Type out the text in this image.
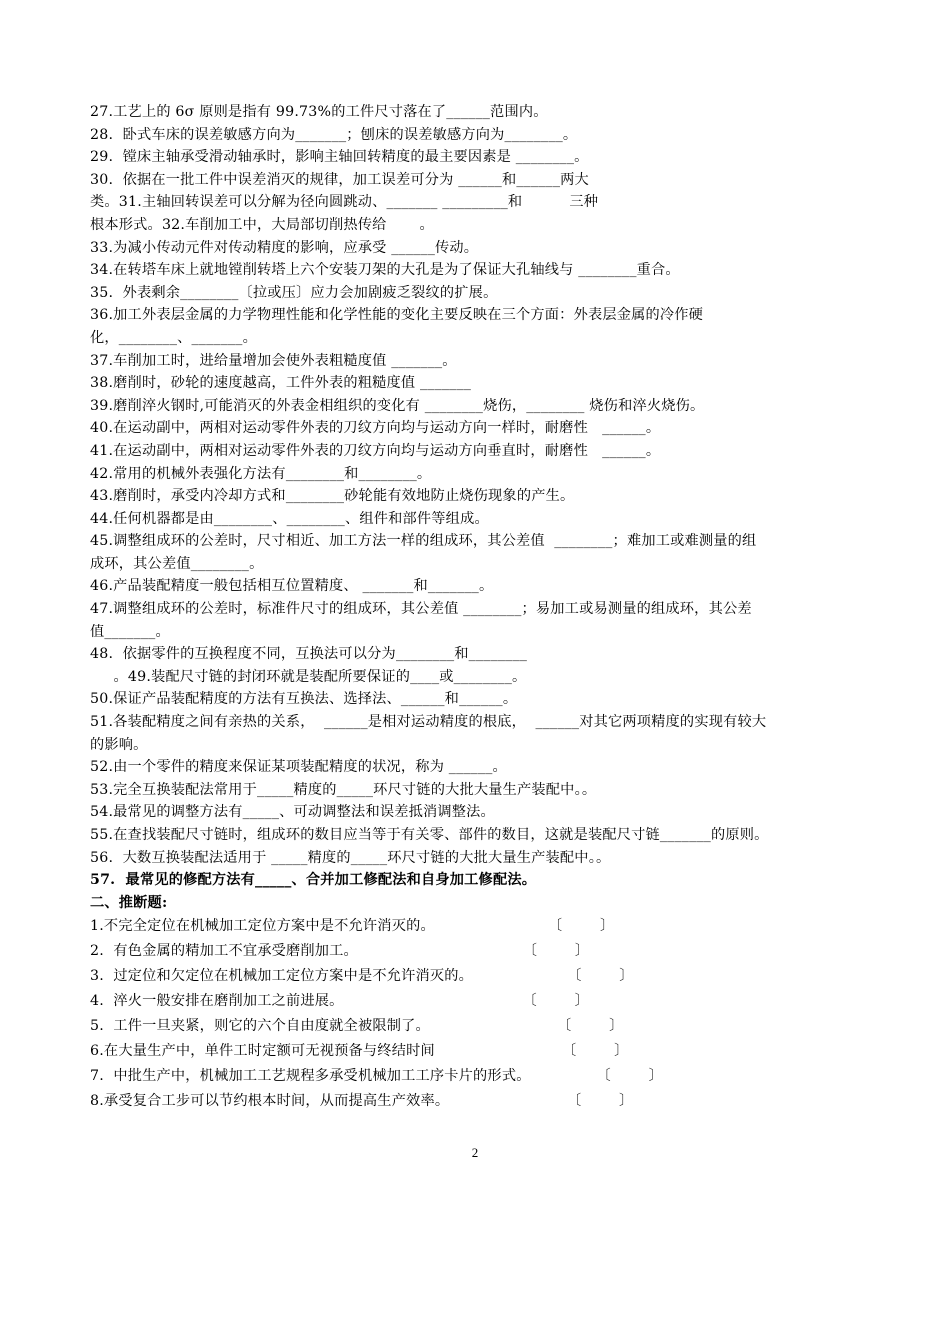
27.工艺上的 6σ 原则是指有 99.73%的工件尺寸落在了______范围内。
28.  卧式车床的误差敏感方向为_______；刨床的误差敏感方向为________。
29.  镗床主轴承受滑动轴承时，影响主轴回转精度的最主要因素是 ________。
30.  依据在一批工件中误差消灭的规律，加工误差可分为 ______和______两大
类。31.主轴回转误差可以分解为径向圆跳动、_______ _________和          三种
根本形式。32.车削加工中，大局部切削热传给       。
33.为减小传动元件对传动精度的影响，应承受 ______传动。
34.在转塔车床上就地镗削转塔上六个安装刀架的大孔是为了保证大孔轴线与 ________重合。
35.  外表剩余________〔拉或压〕应力会加剧疲乏裂纹的扩展。
36.加工外表层金属的力学物理性能和化学性能的变化主要反映在三个方面：外表层金属的冷作硬
化，________、_______。
37.车削加工时，进给量增加会使外表粗糙度值 _______。
38.磨削时，砂轮的速度越高，工件外表的粗糙度值 _______
39.磨削淬火钢时,可能消灭的外表金相组织的变化有 ________烧伤，________ 烧伤和淬火烧伤。
40.在运动副中，两相对运动零件外表的刀纹方向均与运动方向一样时，耐磨性   ______。
41.在运动副中，两相对运动零件外表的刀纹方向均与运动方向垂直时，耐磨性   ______。
42.常用的机械外表强化方法有________和________。
43.磨削时，承受内冷却方式和________砂轮能有效地防止烧伤现象的产生。
44.任何机器都是由________、________、组件和部件等组成。
45.调整组成环的公差时，尺寸相近、加工方法一样的组成环，其公差值  ________；难加工或难测量的组
成环，其公差值________。
46.产品装配精度一般包括相互位置精度、 _______和_______。
47.调整组成环的公差时，标准件尺寸的组成环，其公差值 ________；易加工或易测量的组成环，其公差
值_______。
48.  依据零件的互换程度不同，互换法可以分为________和________
。49.装配尺寸链的封闭环就是装配所要保证的____或________。
50.保证产品装配精度的方法有互换法、选择法、______和______。
51.各装配精度之间有亲热的关系，  ______是相对运动精度的根底，  ______对其它两项精度的实现有较大
的影响。
52.由一个零件的精度来保证某项装配精度的状况，称为 ______。
53.完全互换装配法常用于_____精度的_____环尺寸链的大批大量生产装配中。。
54.最常见的调整方法有_____、可动调整法和误差抵消调整法。
55.在查找装配尺寸链时，组成环的数目应当等于有关零、部件的数目，这就是装配尺寸链_______的原则。
56.  大数互换装配法适用于 _____精度的_____环尺寸链的大批大量生产装配中。。
57.  最常见的修配方法有_____、合并加工修配法和自身加工修配法。
二、推断题:
1.不完全定位在机械加工定位方案中是不允许消灭的。                        〔        〕
2.  有色金属的精加工不宜承受磨削加工。                                   〔        〕
3.  过定位和欠定位在机械加工定位方案中是不允许消灭的。                    〔        〕
4.  淬火一般安排在磨削加工之前进展。                                      〔        〕
5.  工件一旦夹紧，则它的六个自由度就全被限制了。                           〔        〕
6.在大量生产中，单件工时定额可无视预备与终结时间                           〔        〕
7.  中批生产中，机械加工工艺规程多承受机械加工工序卡片的形式。              〔        〕
8.承受复合工步可以节约根本时间，从而提高生产效率。                         〔        〕
2
